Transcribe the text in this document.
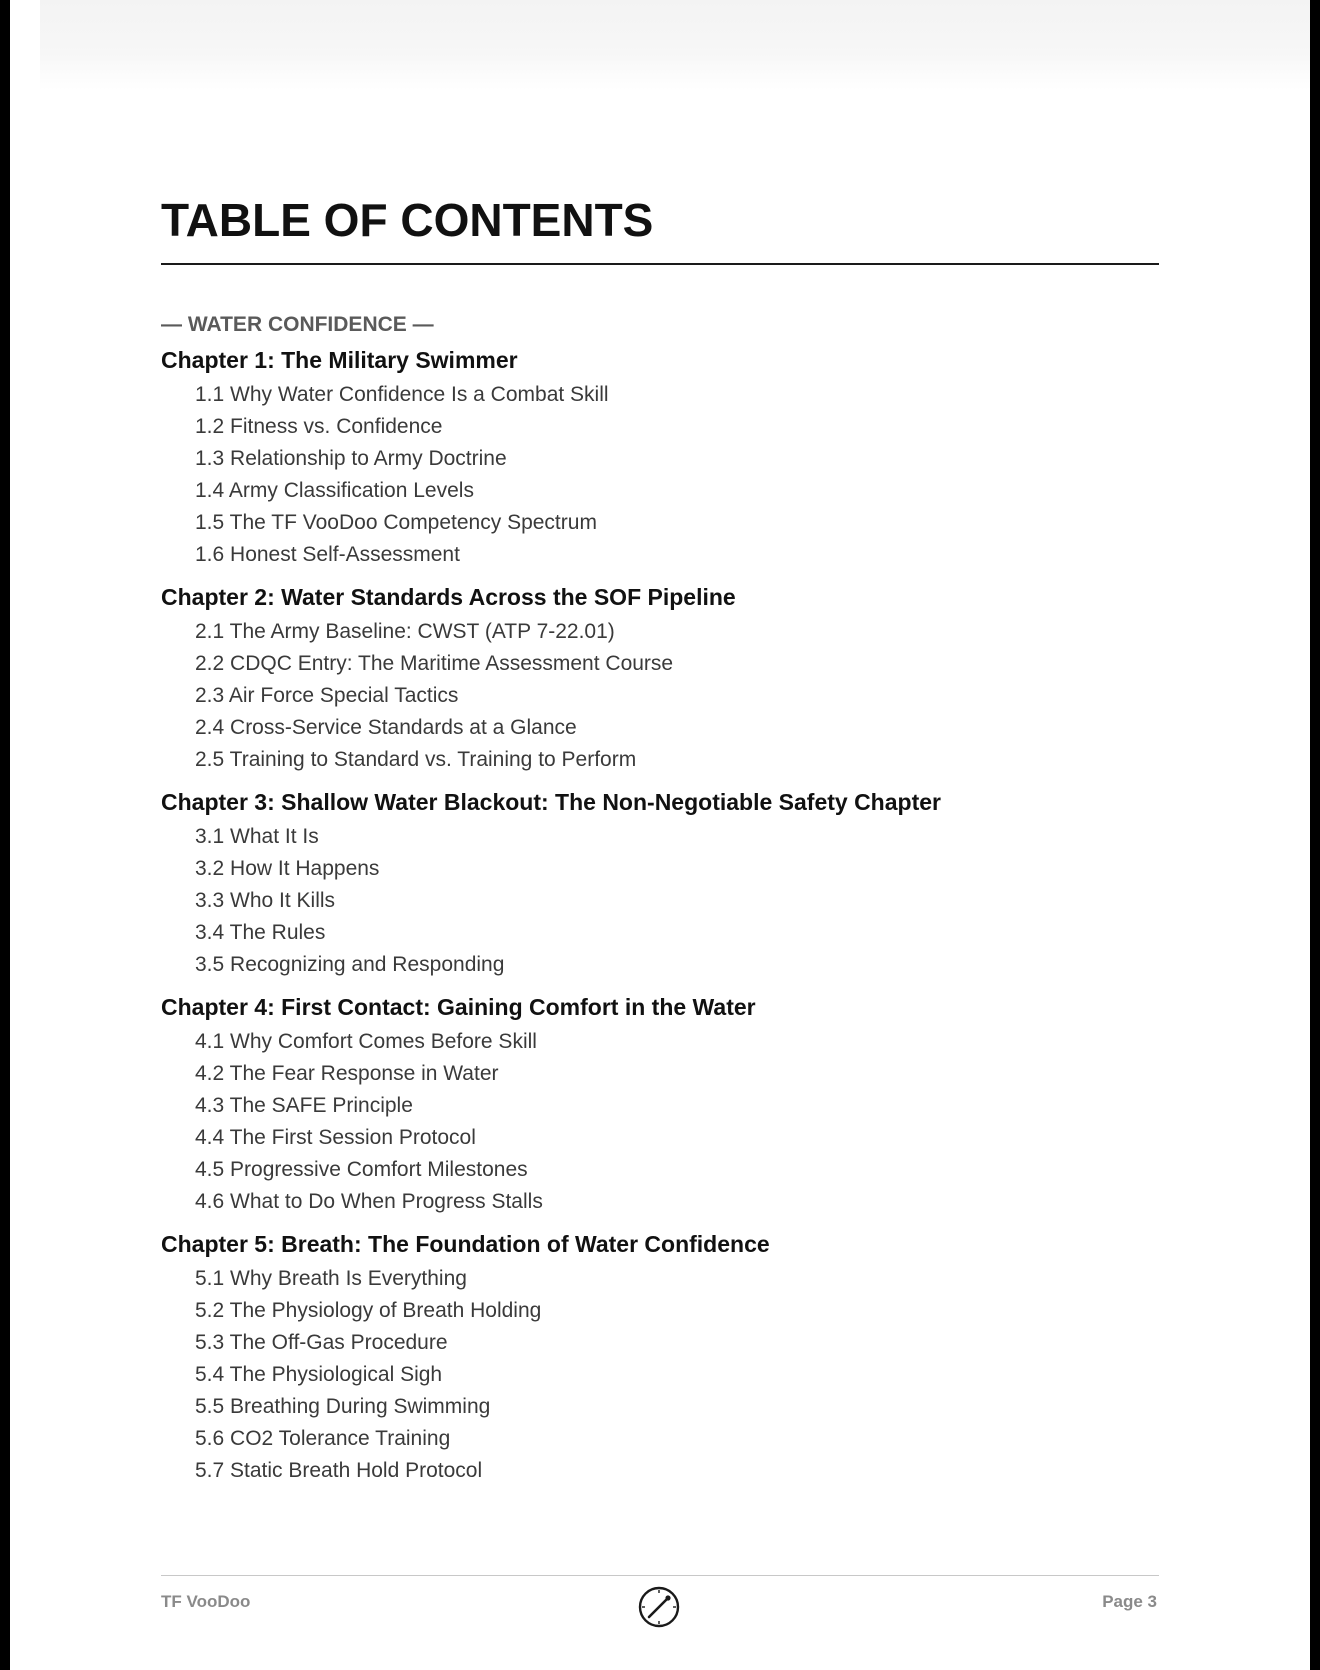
TABLE OF CONTENTS
— WATER CONFIDENCE —
Chapter 1: The Military Swimmer
1.1 Why Water Confidence Is a Combat Skill
1.2 Fitness vs. Confidence
1.3 Relationship to Army Doctrine
1.4 Army Classification Levels
1.5 The TF VooDoo Competency Spectrum
1.6 Honest Self-Assessment
Chapter 2: Water Standards Across the SOF Pipeline
2.1 The Army Baseline: CWST (ATP 7-22.01)
2.2 CDQC Entry: The Maritime Assessment Course
2.3 Air Force Special Tactics
2.4 Cross-Service Standards at a Glance
2.5 Training to Standard vs. Training to Perform
Chapter 3: Shallow Water Blackout: The Non-Negotiable Safety Chapter
3.1 What It Is
3.2 How It Happens
3.3 Who It Kills
3.4 The Rules
3.5 Recognizing and Responding
Chapter 4: First Contact: Gaining Comfort in the Water
4.1 Why Comfort Comes Before Skill
4.2 The Fear Response in Water
4.3 The SAFE Principle
4.4 The First Session Protocol
4.5 Progressive Comfort Milestones
4.6 What to Do When Progress Stalls
Chapter 5: Breath: The Foundation of Water Confidence
5.1 Why Breath Is Everything
5.2 The Physiology of Breath Holding
5.3 The Off-Gas Procedure
5.4 The Physiological Sigh
5.5 Breathing During Swimming
5.6 CO2 Tolerance Training
5.7 Static Breath Hold Protocol
TF VooDoo	Page 3
